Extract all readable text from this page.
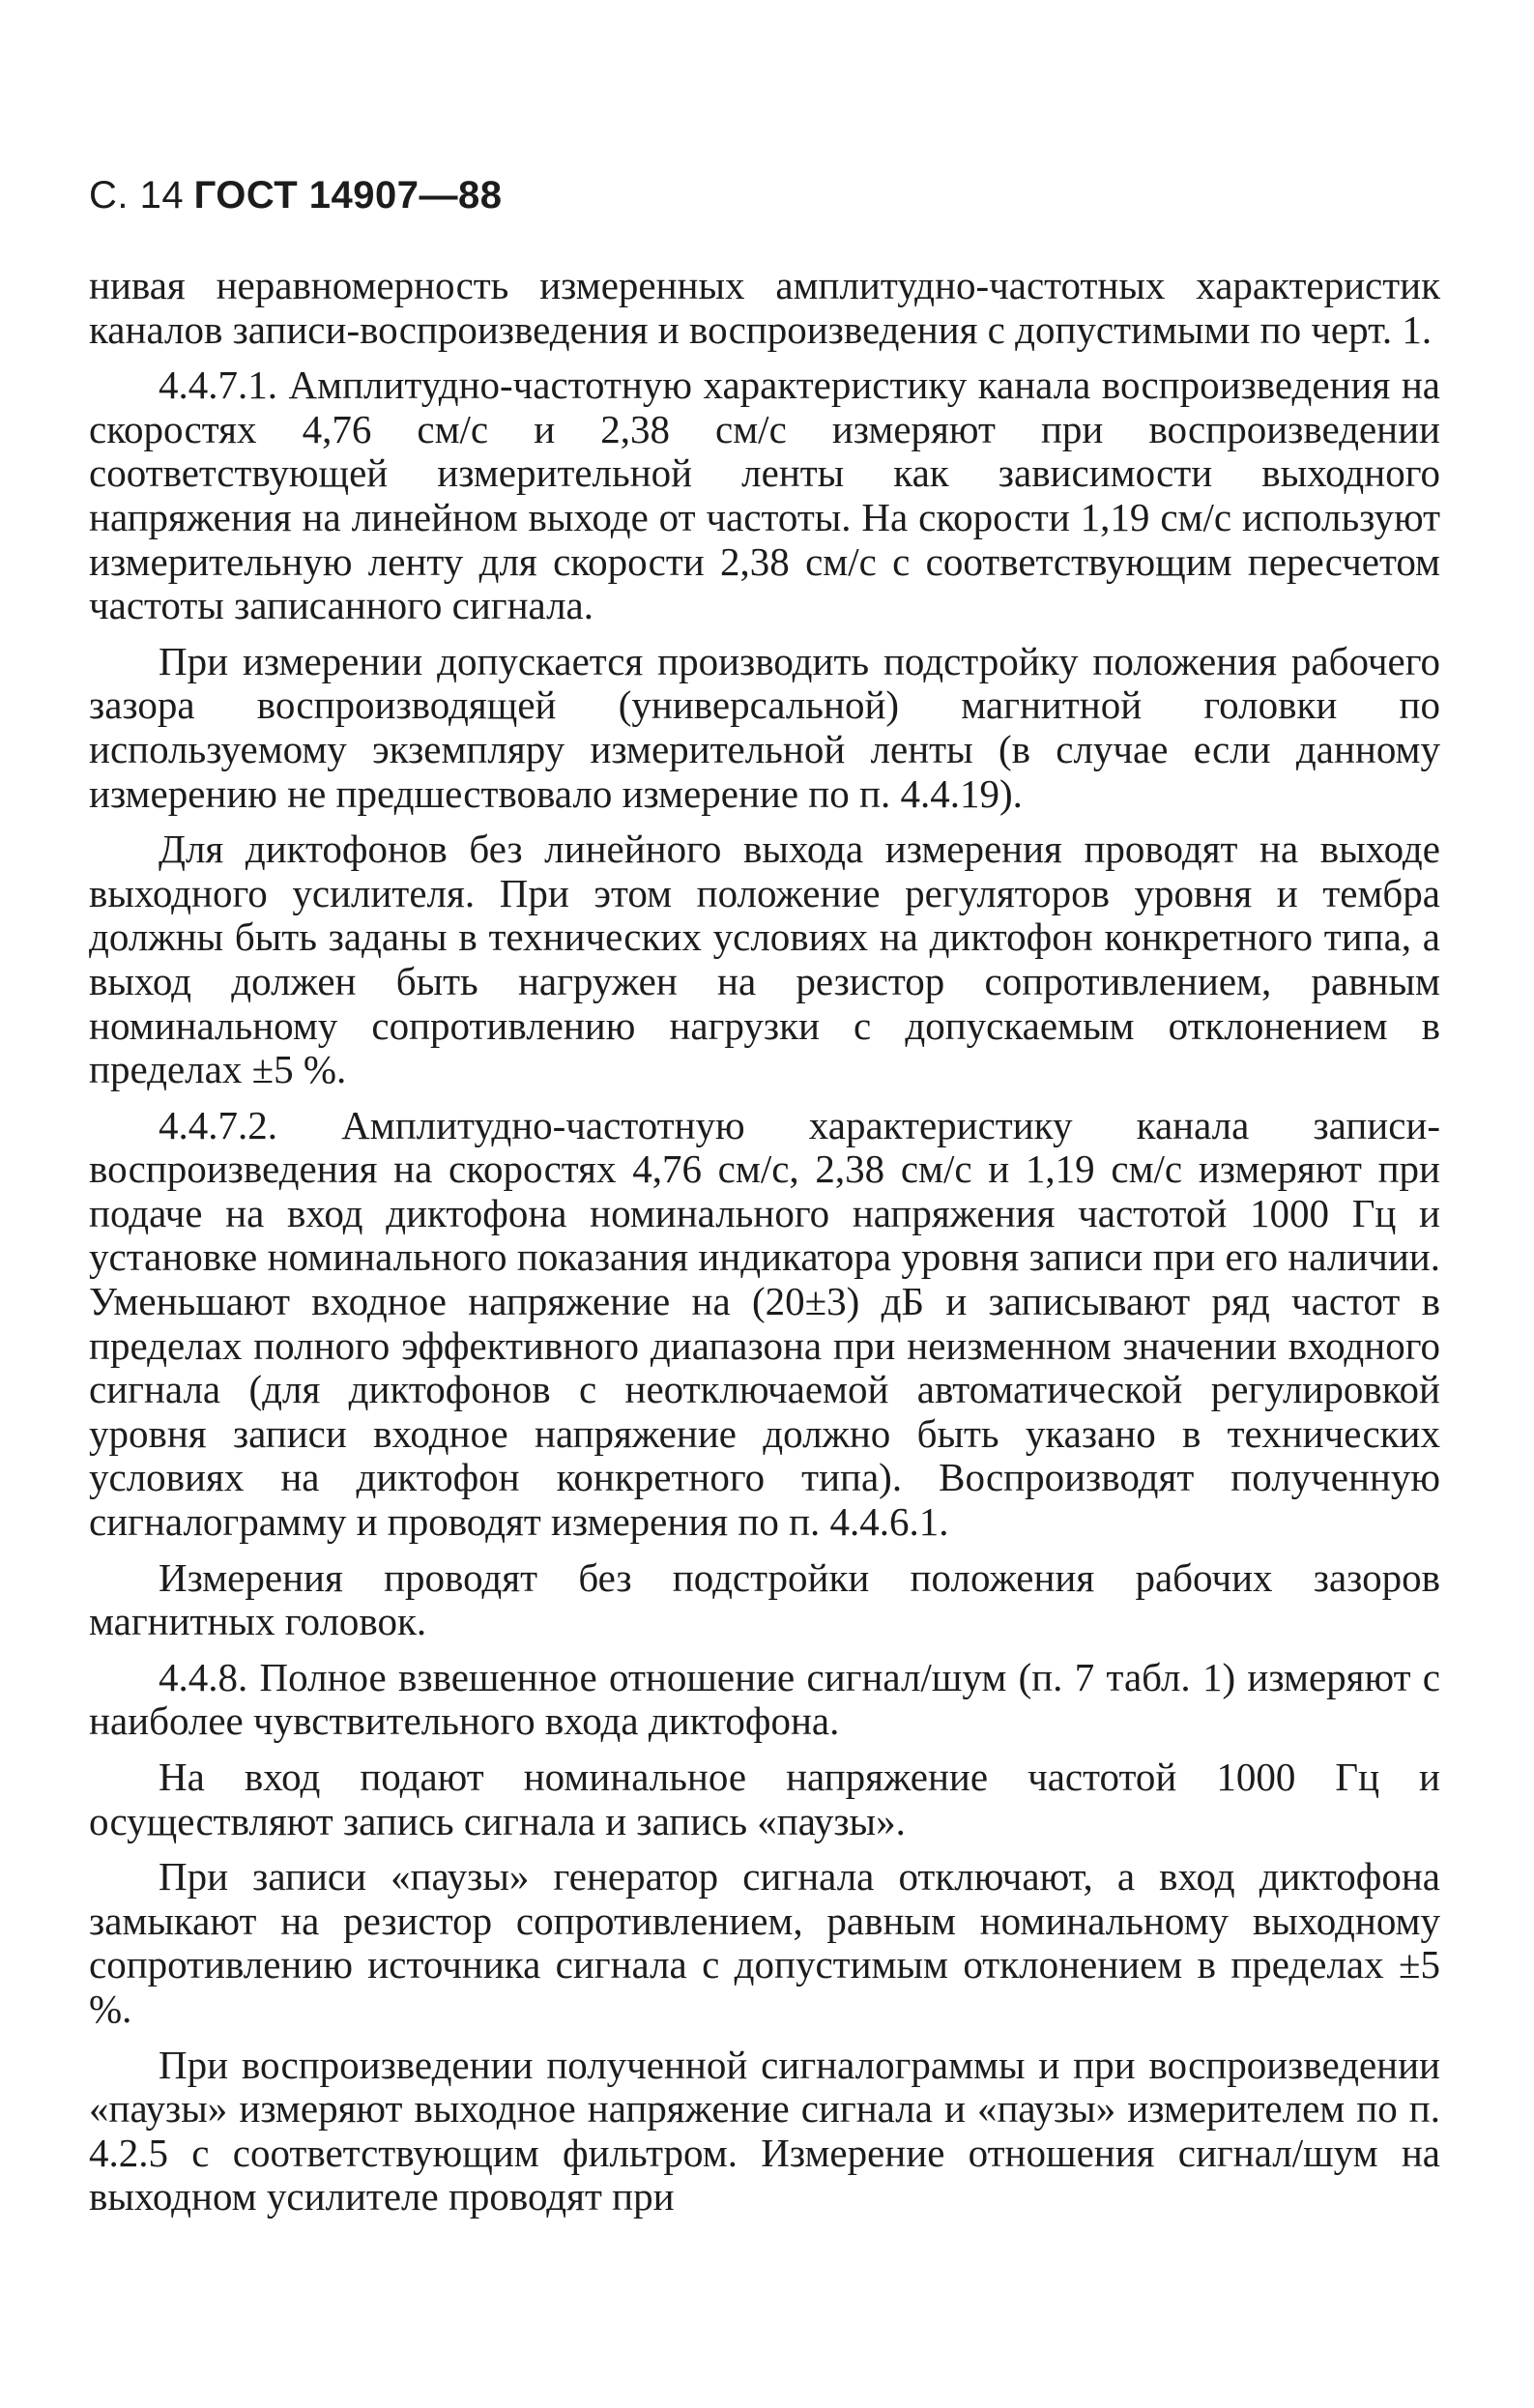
С. 14 ГОСТ 14907—88

нивая неравномерность измеренных амплитудно-частотных характеристик каналов записи-воспроизведения и воспроизведения с допустимыми по черт. 1.

4.4.7.1. Амплитудно-частотную характеристику канала воспроизведения на скоростях 4,76 см/с и 2,38 см/с измеряют при воспроизведении соответствующей измерительной ленты как зависимости выходного напряжения на линейном выходе от частоты. На скорости 1,19 см/с используют измерительную ленту для скорости 2,38 см/с с соответствующим пересчетом частоты записанного сигнала.

При измерении допускается производить подстройку положения рабочего зазора воспроизводящей (универсальной) магнитной головки по используемому экземпляру измерительной ленты (в случае если данному измерению не предшествовало измерение по п. 4.4.19).

Для диктофонов без линейного выхода измерения проводят на выходе выходного усилителя. При этом положение регуляторов уровня и тембра должны быть заданы в технических условиях на диктофон конкретного типа, а выход должен быть нагружен на резистор сопротивлением, равным номинальному сопротивлению нагрузки с допускаемым отклонением в пределах ±5 %.

4.4.7.2. Амплитудно-частотную характеристику канала записи-воспроизведения на скоростях 4,76 см/с, 2,38 см/с и 1,19 см/с измеряют при подаче на вход диктофона номинального напряжения частотой 1000 Гц и установке номинального показания индикатора уровня записи при его наличии. Уменьшают входное напряжение на (20±3) дБ и записывают ряд частот в пределах полного эффективного диапазона при неизменном значении входного сигнала (для диктофонов с неотключаемой автоматической регулировкой уровня записи входное напряжение должно быть указано в технических условиях на диктофон конкретного типа). Воспроизводят полученную сигналограмму и проводят измерения по п. 4.4.6.1.

Измерения проводят без подстройки положения рабочих зазоров магнитных головок.

4.4.8. Полное взвешенное отношение сигнал/шум (п. 7 табл. 1) измеряют с наиболее чувствительного входа диктофона.

На вход подают номинальное напряжение частотой 1000 Гц и осуществляют запись сигнала и запись «паузы».

При записи «паузы» генератор сигнала отключают, а вход диктофона замыкают на резистор сопротивлением, равным номинальному выходному сопротивлению источника сигнала с допустимым отклонением в пределах ±5 %.

При воспроизведении полученной сигналограммы и при воспроизведении «паузы» измеряют выходное напряжение сигнала и «паузы» измерителем по п. 4.2.5 с соответствующим фильтром. Измерение отношения сигнал/шум на выходном усилителе проводят при
